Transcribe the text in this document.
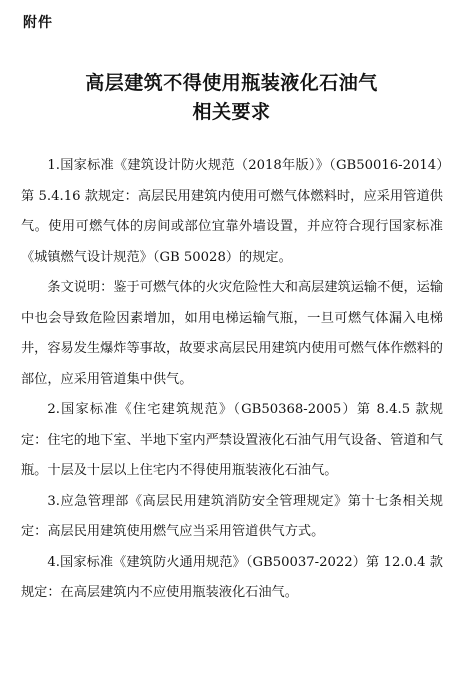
附件
高层建筑不得使用瓶装液化石油气
相关要求

1.国家标准《建筑设计防火规范（2018年版）》（GB50016-2014）第 5.4.16 款规定：高层民用建筑内使用可燃气体燃料时，应采用管道供气。使用可燃气体的房间或部位宜靠外墙设置，并应符合现行国家标准《城镇燃气设计规范》（GB 50028）的规定。

条文说明：鉴于可燃气体的火灾危险性大和高层建筑运输不便，运输中也会导致危险因素增加，如用电梯运输气瓶，一旦可燃气体漏入电梯井，容易发生爆炸等事故，故要求高层民用建筑内使用可燃气体作燃料的部位，应采用管道集中供气。

2.国家标准《住宅建筑规范》（GB50368-2005）第 8.4.5 款规定：住宅的地下室、半地下室内严禁设置液化石油气用气设备、管道和气瓶。十层及十层以上住宅内不得使用瓶装液化石油气。

3.应急管理部《高层民用建筑消防安全管理规定》第十七条相关规定：高层民用建筑使用燃气应当采用管道供气方式。

4.国家标准《建筑防火通用规范》（GB50037-2022）第 12.0.4 款规定：在高层建筑内不应使用瓶装液化石油气。
